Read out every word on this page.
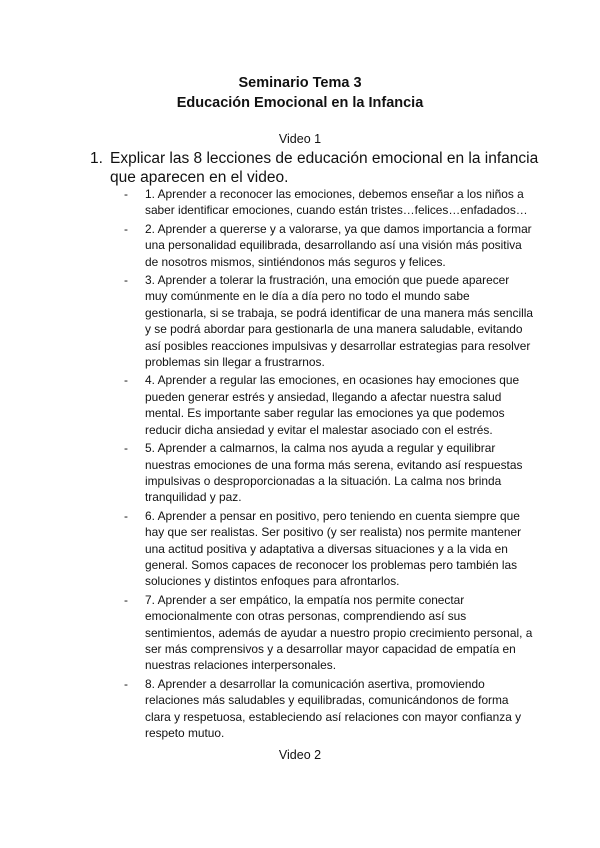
Seminario Tema 3
Educación Emocional en la Infancia
Video 1
1. Explicar las 8 lecciones de educación emocional en la infancia que aparecen en el video.
- 1. Aprender a reconocer las emociones, debemos enseñar a los niños a saber identificar emociones, cuando están tristes…felices…enfadados…
- 2. Aprender a quererse y a valorarse, ya que damos importancia a formar una personalidad equilibrada, desarrollando así una visión más positiva de nosotros mismos, sintiéndonos más seguros y felices.
- 3. Aprender a tolerar la frustración, una emoción que puede aparecer muy comúnmente en le día a día pero no todo el mundo sabe gestionarla, si se trabaja, se podrá identificar de una manera más sencilla y se podrá abordar para gestionarla de una manera saludable, evitando así posibles reacciones impulsivas y desarrollar estrategias para resolver problemas sin llegar a frustrarnos.
- 4. Aprender a regular las emociones, en ocasiones hay emociones que pueden generar estrés y ansiedad, llegando a afectar nuestra salud mental. Es importante saber regular las emociones ya que podemos reducir dicha ansiedad y evitar el malestar asociado con el estrés.
- 5. Aprender a calmarnos, la calma nos ayuda a regular y equilibrar nuestras emociones de una forma más serena, evitando así respuestas impulsivas o desproporcionadas a la situación. La calma nos brinda tranquilidad y paz.
- 6. Aprender a pensar en positivo, pero teniendo en cuenta siempre que hay que ser realistas. Ser positivo (y ser realista) nos permite mantener una actitud positiva y adaptativa a diversas situaciones y a la vida en general. Somos capaces de reconocer los problemas pero también las soluciones y distintos enfoques para afrontarlos.
- 7. Aprender a ser empático, la empatía nos permite conectar emocionalmente con otras personas, comprendiendo así sus sentimientos, además de ayudar a nuestro propio crecimiento personal, a ser más comprensivos y a desarrollar mayor capacidad de empatía en nuestras relaciones interpersonales.
- 8. Aprender a desarrollar la comunicación asertiva, promoviendo relaciones más saludables y equilibradas, comunicándonos de forma clara y respetuosa, estableciendo así relaciones con mayor confianza y respeto mutuo.
Video 2
